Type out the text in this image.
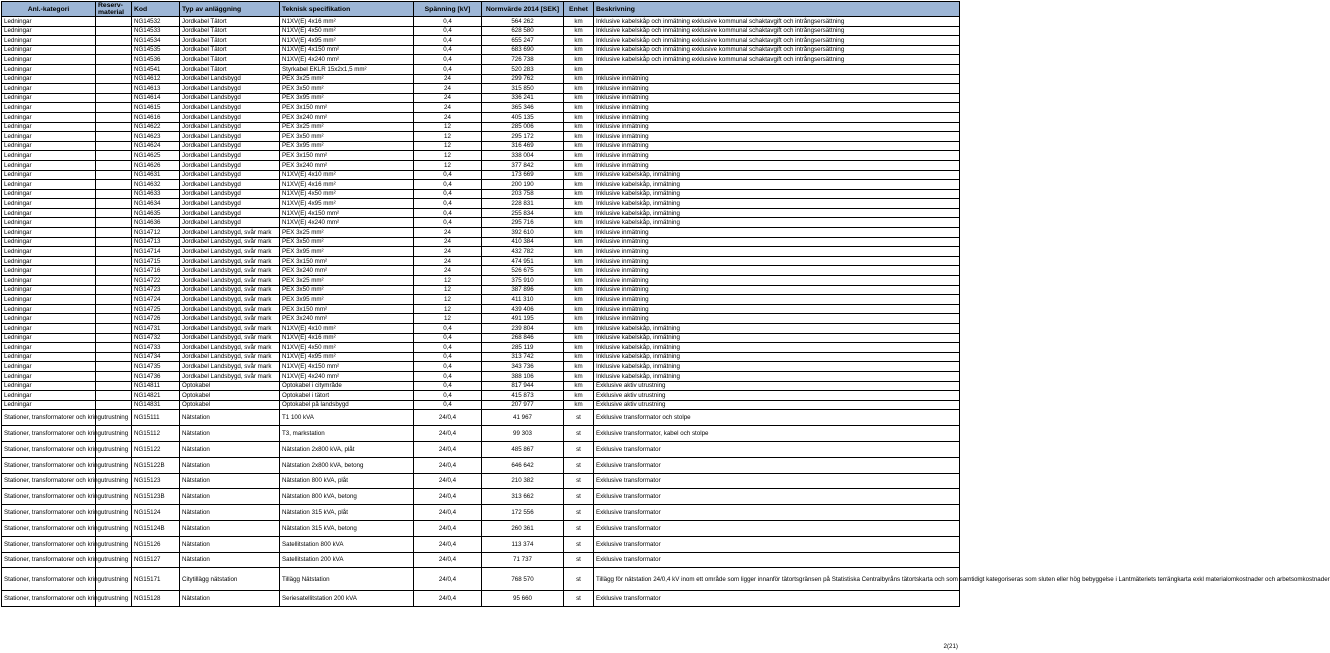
Anl.-kategori	Reserv-material	Kod	Typ av anläggning	Teknisk specifikation	Spänning [kV]	Normvärde 2014 [SEK]	Enhet	Beskrivning
Ledningar		NG14532	Jordkabel Tätort	N1XV(E) 4x16 mm²	0,4	564 262	km	Inklusive kabelskåp och inmätning exklusive kommunal schaktavgift och intrångsersättning
Ledningar		NG14533	Jordkabel Tätort	N1XV(E) 4x50 mm²	0,4	628 580	km	Inklusive kabelskåp och inmätning exklusive kommunal schaktavgift och intrångsersättning
Ledningar		NG14534	Jordkabel Tätort	N1XV(E) 4x95 mm²	0,4	655 247	km	Inklusive kabelskåp och inmätning exklusive kommunal schaktavgift och intrångsersättning
Ledningar		NG14535	Jordkabel Tätort	N1XV(E) 4x150 mm²	0,4	683 690	km	Inklusive kabelskåp och inmätning exklusive kommunal schaktavgift och intrångsersättning
Ledningar		NG14536	Jordkabel Tätort	N1XV(E) 4x240 mm²	0,4	726 738	km	Inklusive kabelskåp och inmätning exklusive kommunal schaktavgift och intrångsersättning
Ledningar		NG14541	Jordkabel Tätort	Styrkabel EKLR 15x2x1,5 mm²	0,4	520 283	km	
Ledningar		NG14612	Jordkabel Landsbygd	PEX 3x25 mm²	24	299 762	km	Inklusive inmätning
Ledningar		NG14613	Jordkabel Landsbygd	PEX 3x50 mm²	24	315 850	km	Inklusive inmätning
Ledningar		NG14614	Jordkabel Landsbygd	PEX 3x95 mm²	24	336 241	km	Inklusive inmätning
Ledningar		NG14615	Jordkabel Landsbygd	PEX 3x150 mm²	24	365 346	km	Inklusive inmätning
Ledningar		NG14616	Jordkabel Landsbygd	PEX 3x240 mm²	24	405 135	km	Inklusive inmätning
Ledningar		NG14622	Jordkabel Landsbygd	PEX 3x25 mm²	12	285 006	km	Inklusive inmätning
Ledningar		NG14623	Jordkabel Landsbygd	PEX 3x50 mm²	12	295 172	km	Inklusive inmätning
Ledningar		NG14624	Jordkabel Landsbygd	PEX 3x95 mm²	12	316 469	km	Inklusive inmätning
Ledningar		NG14625	Jordkabel Landsbygd	PEX 3x150 mm²	12	338 004	km	Inklusive inmätning
Ledningar		NG14626	Jordkabel Landsbygd	PEX 3x240 mm²	12	377 842	km	Inklusive inmätning
Ledningar		NG14631	Jordkabel Landsbygd	N1XV(E) 4x10 mm²	0,4	173 669	km	Inklusive kabelskåp, inmätning
Ledningar		NG14632	Jordkabel Landsbygd	N1XV(E) 4x16 mm²	0,4	200 190	km	Inklusive kabelskåp, inmätning
Ledningar		NG14633	Jordkabel Landsbygd	N1XV(E) 4x50 mm²	0,4	203 758	km	Inklusive kabelskåp, inmätning
Ledningar		NG14634	Jordkabel Landsbygd	N1XV(E) 4x95 mm²	0,4	228 831	km	Inklusive kabelskåp, inmätning
Ledningar		NG14635	Jordkabel Landsbygd	N1XV(E) 4x150 mm²	0,4	255 834	km	Inklusive kabelskåp, inmätning
Ledningar		NG14636	Jordkabel Landsbygd	N1XV(E) 4x240 mm²	0,4	295 716	km	Inklusive kabelskåp, inmätning
Ledningar		NG14712	Jordkabel Landsbygd, svår mark	PEX 3x25 mm²	24	392 610	km	Inklusive inmätning
Ledningar		NG14713	Jordkabel Landsbygd, svår mark	PEX 3x50 mm²	24	410 384	km	Inklusive inmätning
Ledningar		NG14714	Jordkabel Landsbygd, svår mark	PEX 3x95 mm²	24	432 782	km	Inklusive inmätning
Ledningar		NG14715	Jordkabel Landsbygd, svår mark	PEX 3x150 mm²	24	474 951	km	Inklusive inmätning
Ledningar		NG14716	Jordkabel Landsbygd, svår mark	PEX 3x240 mm²	24	526 675	km	Inklusive inmätning
Ledningar		NG14722	Jordkabel Landsbygd, svår mark	PEX 3x25 mm²	12	375 910	km	Inklusive inmätning
Ledningar		NG14723	Jordkabel Landsbygd, svår mark	PEX 3x50 mm²	12	387 896	km	Inklusive inmätning
Ledningar		NG14724	Jordkabel Landsbygd, svår mark	PEX 3x95 mm²	12	411 310	km	Inklusive inmätning
Ledningar		NG14725	Jordkabel Landsbygd, svår mark	PEX 3x150 mm²	12	439 406	km	Inklusive inmätning
Ledningar		NG14726	Jordkabel Landsbygd, svår mark	PEX 3x240 mm²	12	491 195	km	Inklusive inmätning
Ledningar		NG14731	Jordkabel Landsbygd, svår mark	N1XV(E) 4x10 mm²	0,4	239 804	km	Inklusive kabelskåp, inmätning
Ledningar		NG14732	Jordkabel Landsbygd, svår mark	N1XV(E) 4x16 mm²	0,4	268 846	km	Inklusive kabelskåp, inmätning
Ledningar		NG14733	Jordkabel Landsbygd, svår mark	N1XV(E) 4x50 mm²	0,4	285 119	km	Inklusive kabelskåp, inmätning
Ledningar		NG14734	Jordkabel Landsbygd, svår mark	N1XV(E) 4x95 mm²	0,4	313 742	km	Inklusive kabelskåp, inmätning
Ledningar		NG14735	Jordkabel Landsbygd, svår mark	N1XV(E) 4x150 mm²	0,4	343 736	km	Inklusive kabelskåp, inmätning
Ledningar		NG14736	Jordkabel Landsbygd, svår mark	N1XV(E) 4x240 mm²	0,4	388 106	km	Inklusive kabelskåp, inmätning
Ledningar		NG14811	Optokabel	Optokabel i citymråde	0,4	817 944	km	Exklusive aktiv utrustning
Ledningar		NG14821	Optokabel	Optokabel i tätort	0,4	415 873	km	Exklusive aktiv utrustning
Ledningar		NG14831	Optokabel	Optokabel på landsbygd	0,4	207 977	km	Exklusive aktiv utrustning
Stationer, transformatorer och kringutrustning		NG15111	Nätstation	T1 100 kVA	24/0,4	41 967	st	Exklusive transformator och stolpe
Stationer, transformatorer och kringutrustning		NG15112	Nätstation	T3, markstation	24/0,4	99 303	st	Exklusive transformator, kabel och stolpe
Stationer, transformatorer och kringutrustning		NG15122	Nätstation	Nätstation 2x800 kVA, plåt	24/0,4	485 867	st	Exklusive transformator
Stationer, transformatorer och kringutrustning		NG15122B	Nätstation	Nätstation 2x800 kVA, betong	24/0,4	646 642	st	Exklusive transformator
Stationer, transformatorer och kringutrustning		NG15123	Nätstation	Nätstation 800 kVA, plåt	24/0,4	210 382	st	Exklusive transformator
Stationer, transformatorer och kringutrustning		NG15123B	Nätstation	Nätstation 800 kVA, betong	24/0,4	313 662	st	Exklusive transformator
Stationer, transformatorer och kringutrustning		NG15124	Nätstation	Nätstation 315 kVA, plåt	24/0,4	172 556	st	Exklusive transformator
Stationer, transformatorer och kringutrustning		NG15124B	Nätstation	Nätstation 315 kVA, betong	24/0,4	260 361	st	Exklusive transformator
Stationer, transformatorer och kringutrustning		NG15126	Nätstation	Satellitstation 800 kVA	24/0,4	113 374	st	Exklusive transformator
Stationer, transformatorer och kringutrustning		NG15127	Nätstation	Satellitstation 200 kVA	24/0,4	71 737	st	Exklusive transformator
Stationer, transformatorer och kringutrustning		NG15171	Citytillägg nätstation	Tillägg Nätstation	24/0,4	768 570	st	Tillägg för nätstation 24/0,4 kV inom ett område som ligger innanför tätortsgränsen på Statistiska Centralbyråns tätortskarta och som samtidigt kategoriseras som sluten eller hög bebyggelse i Lantmäteriets terrängkarta exkl materialomkostnader och arbetsomkostnader
Stationer, transformatorer och kringutrustning		NG15128	Nätstation	Seriesatellitstation 200 kVA	24/0,4	95 660	st	Exklusive transformator
2(21)
